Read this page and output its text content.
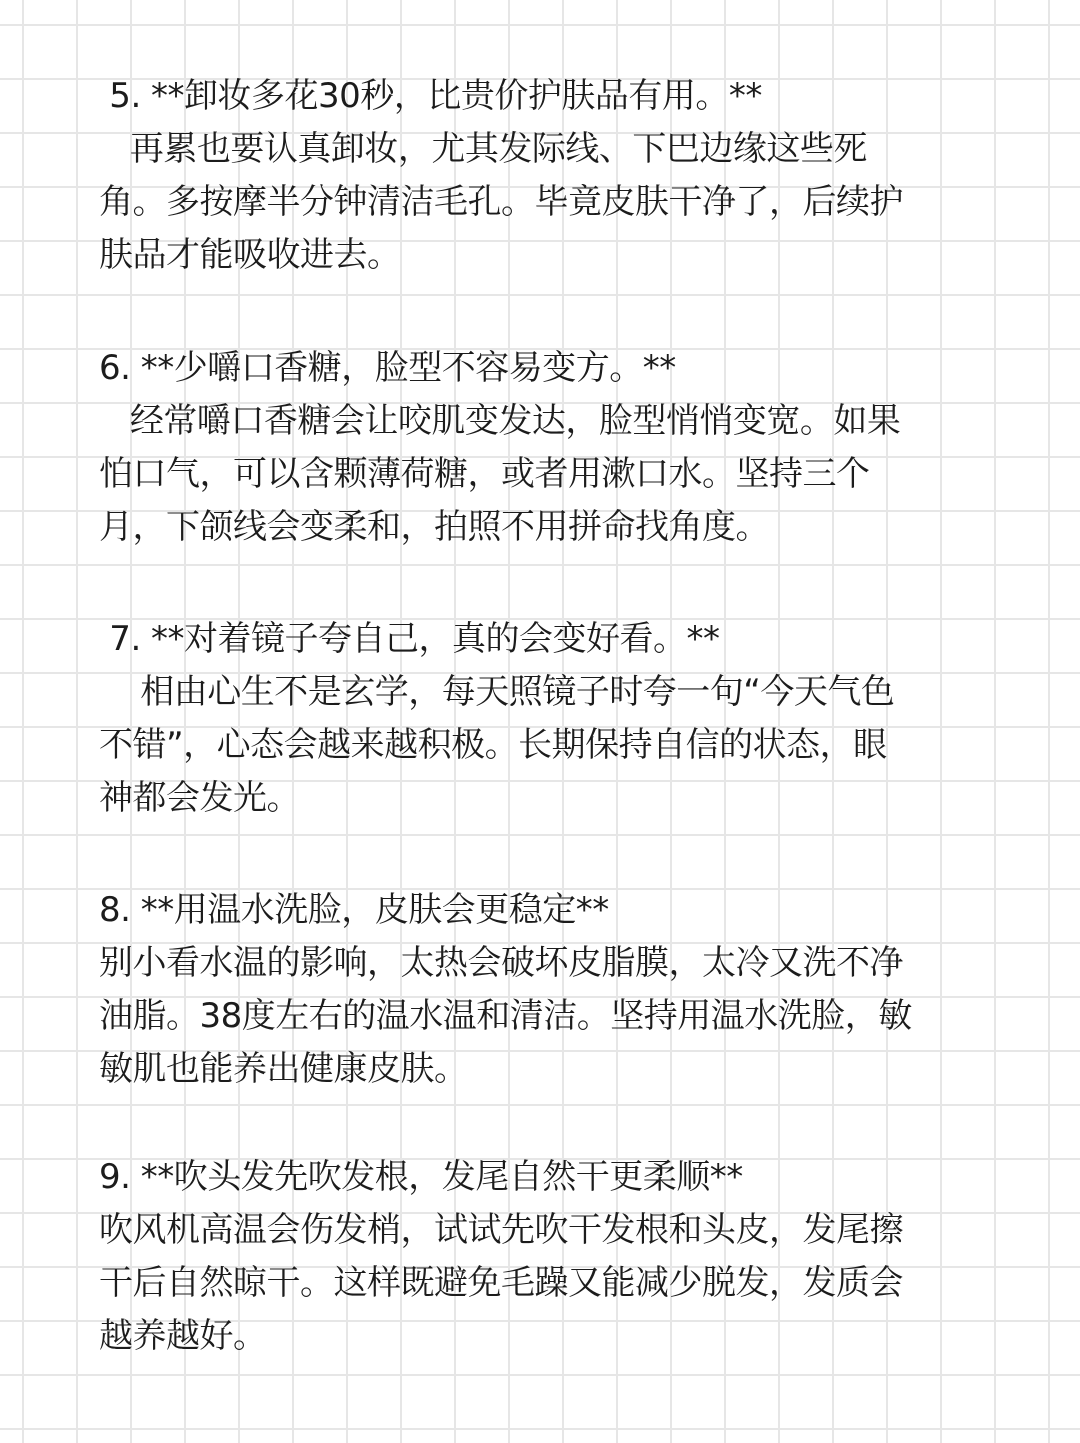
5. **卸妆多花30秒，比贵价护肤品有用。**
再累也要认真卸妆，尤其发际线、下巴边缘这些死
角。多按摩半分钟清洁毛孔。毕竟皮肤干净了，后续护
肤品才能吸收进去。
6. **少嚼口香糖，脸型不容易变方。**
经常嚼口香糖会让咬肌变发达，脸型悄悄变宽。如果
怕口气，可以含颗薄荷糖，或者用漱口水。坚持三个
月，下颌线会变柔和，拍照不用拼命找角度。
7. **对着镜子夸自己，真的会变好看。**
相由心生不是玄学，每天照镜子时夸一句“今天气色
不错”，心态会越来越积极。长期保持自信的状态，眼
神都会发光。
8. **用温水洗脸，皮肤会更稳定**
别小看水温的影响，太热会破坏皮脂膜，太冷又洗不净
油脂。38度左右的温水温和清洁。坚持用温水洗脸，敏
敏肌也能养出健康皮肤。
9. **吹头发先吹发根，发尾自然干更柔顺**
吹风机高温会伤发梢，试试先吹干发根和头皮，发尾擦
干后自然晾干。这样既避免毛躁又能减少脱发，发质会
越养越好。
